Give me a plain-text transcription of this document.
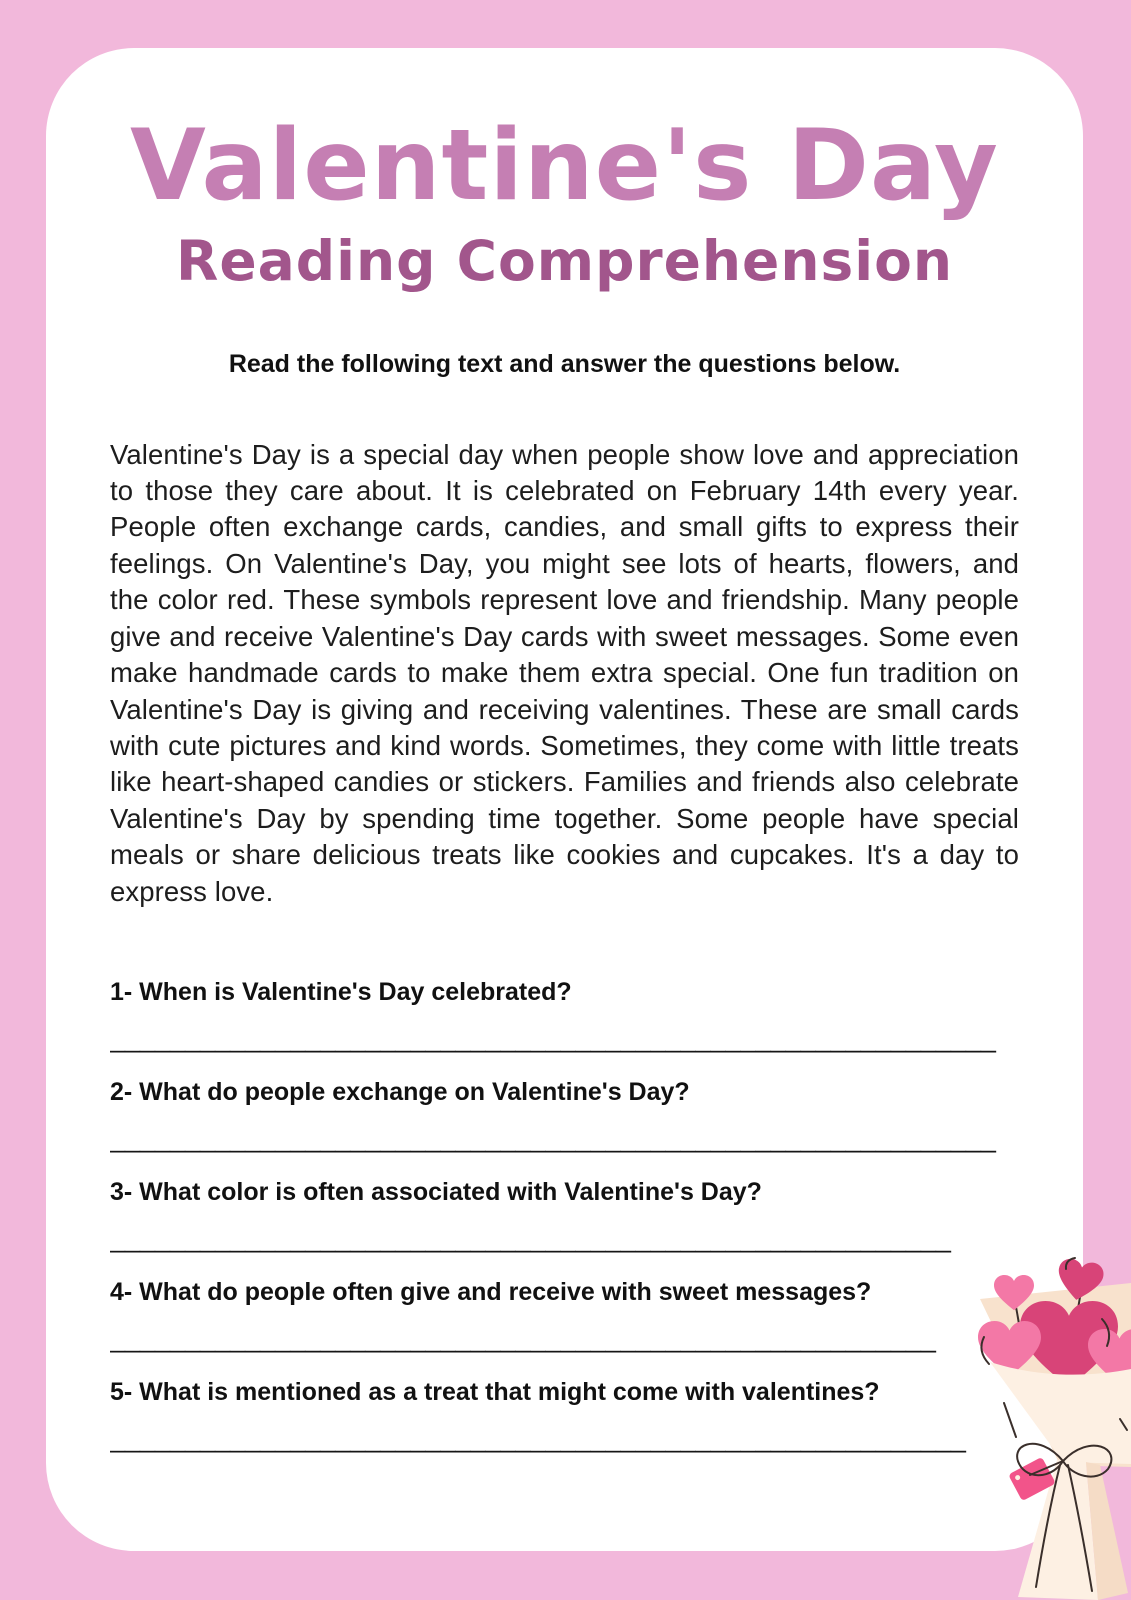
Valentine's Day
Reading Comprehension
Read the following text and answer the questions below.
Valentine's Day is a special day when people show love and appreciation to those they care about. It is celebrated on February 14th every year. People often exchange cards, candies, and small gifts to express their feelings. On Valentine's Day, you might see lots of hearts, flowers, and the color red. These symbols represent love and friendship. Many people give and receive Valentine's Day cards with sweet messages. Some even make handmade cards to make them extra special. One fun tradition on Valentine's Day is giving and receiving valentines. These are small cards with cute pictures and kind words. Sometimes, they come with little treats like heart-shaped candies or stickers. Families and friends also celebrate Valentine's Day by spending time together. Some people have special meals or share delicious treats like cookies and cupcakes. It's a day to express love.
1- When is Valentine's Day celebrated?
___________________________________________________________
2- What do people exchange on Valentine's Day?
___________________________________________________________
3- What color is often associated with Valentine's Day?
________________________________________________________
4- What do people often give and receive with sweet messages?
_______________________________________________________
5- What is mentioned as a treat that might come with valentines?
_________________________________________________________
